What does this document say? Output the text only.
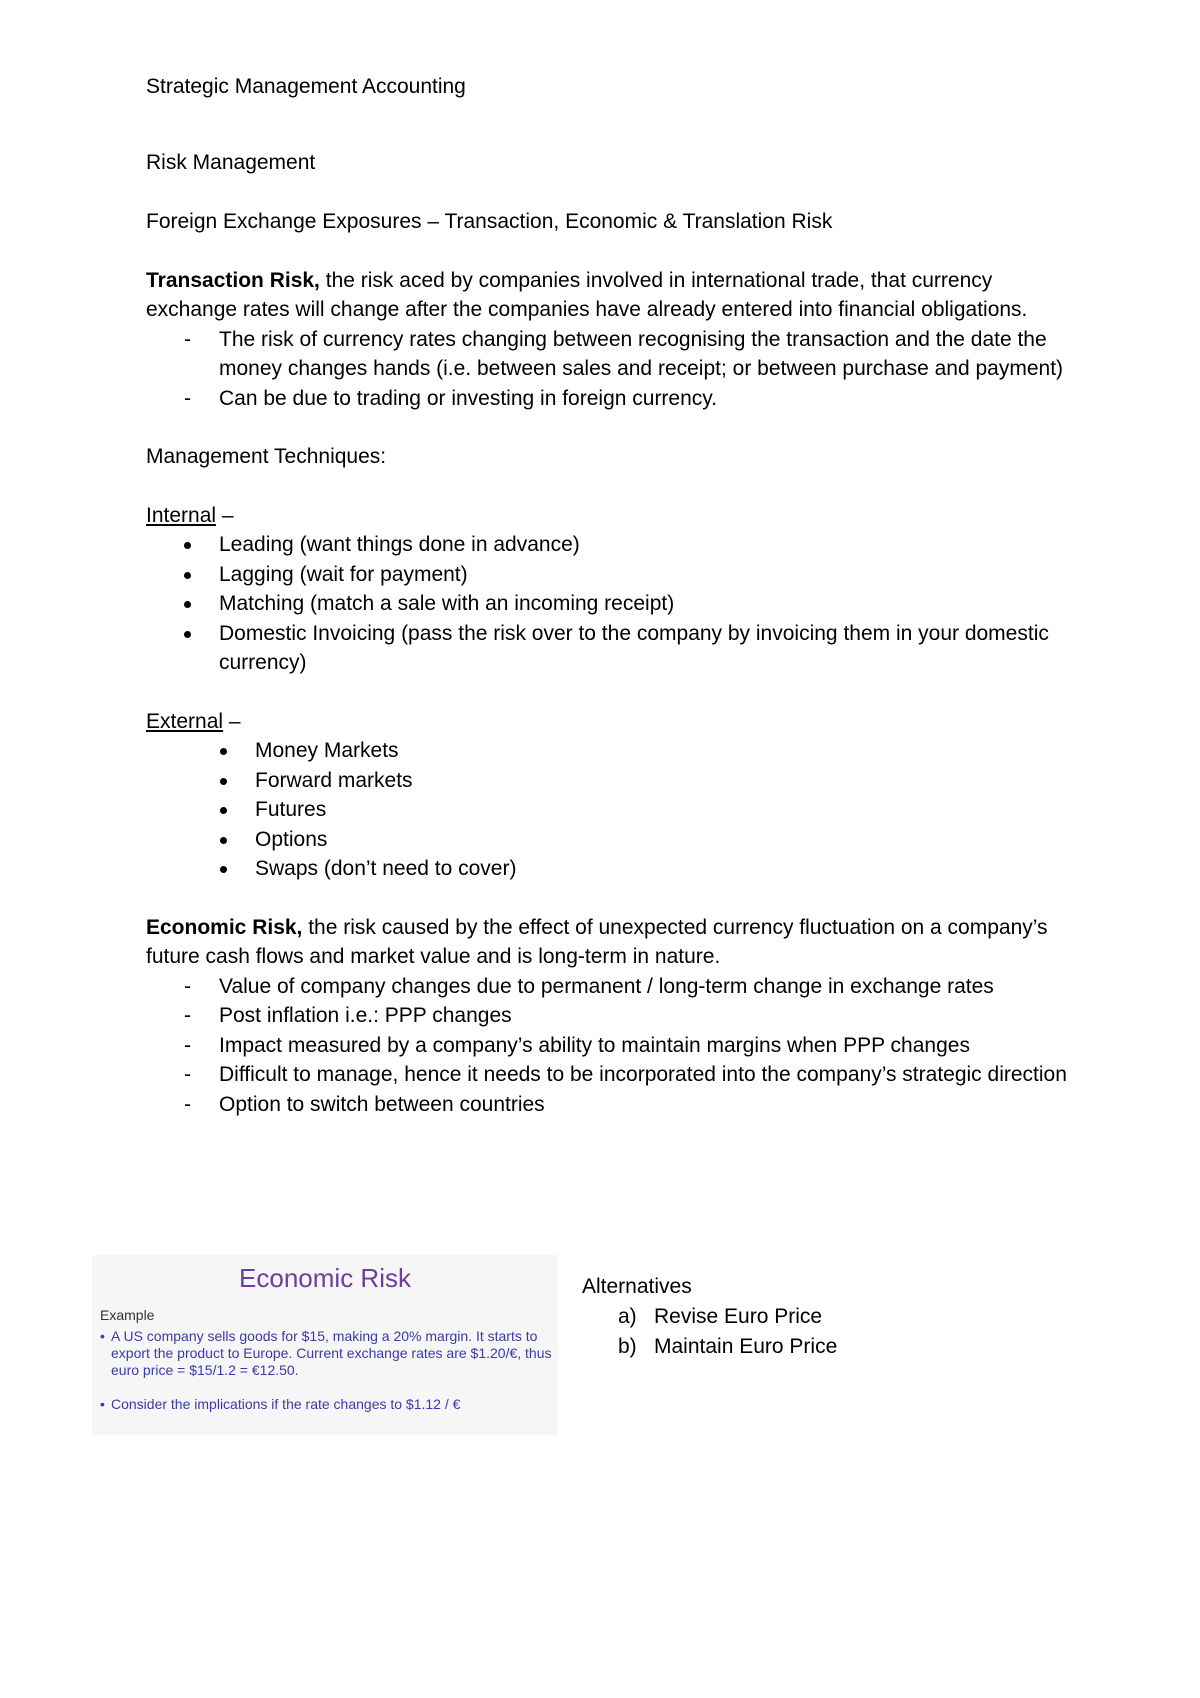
Strategic Management Accounting

Risk Management

Foreign Exchange Exposures – Transaction, Economic & Translation Risk

Transaction Risk, the risk aced by companies involved in international trade, that currency exchange rates will change after the companies have already entered into financial obligations.

- The risk of currency rates changing between recognising the transaction and the date the money changes hands (i.e. between sales and receipt; or between purchase and payment)
- Can be due to trading or investing in foreign currency.

Management Techniques:

Internal –

Leading (want things done in advance)
Lagging (wait for payment)
Matching (match a sale with an incoming receipt)
Domestic Invoicing (pass the risk over to the company by invoicing them in your domestic currency)

External –

Money Markets
Forward markets
Futures
Options
Swaps (don’t need to cover)

Economic Risk, the risk caused by the effect of unexpected currency fluctuation on a company’s future cash flows and market value and is long-term in nature.

- Value of company changes due to permanent / long-term change in exchange rates
- Post inflation i.e.: PPP changes
- Impact measured by a company’s ability to maintain margins when PPP changes
- Difficult to manage, hence it needs to be incorporated into the company’s strategic direction
- Option to switch between countries
Economic Risk
Example

• A US company sells goods for $15, making a 20% margin. It starts to export the product to Europe. Current exchange rates are $1.20/€, thus euro price = $15/1.2 = €12.50.

• Consider the implications if the rate changes to $1.12 / €

Alternatives
a) Revise Euro Price
b) Maintain Euro Price
